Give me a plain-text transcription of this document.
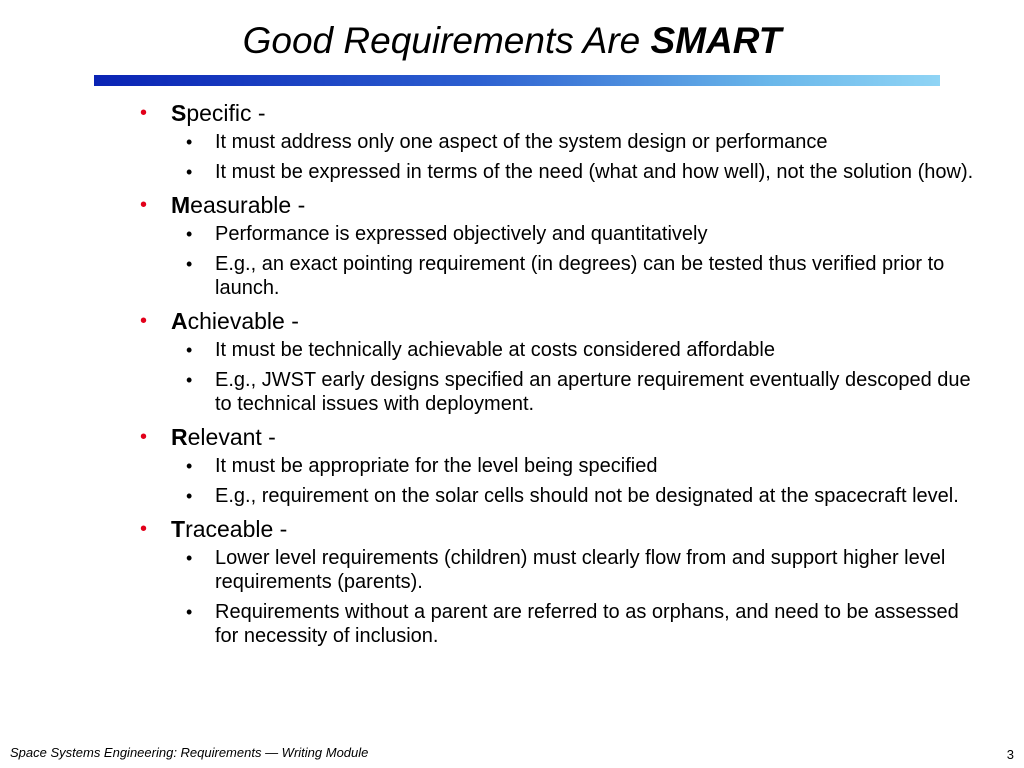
Good Requirements Are SMART
• Specific -
• It must address only one aspect of the system design or performance
• It must be expressed in terms of the need (what and how well), not the solution (how).
• Measurable -
• Performance is expressed objectively and quantitatively
• E.g., an exact pointing requirement (in degrees) can be tested thus verified prior to launch.
• Achievable -
• It must be technically achievable at costs considered affordable
• E.g., JWST early designs specified an aperture requirement eventually descoped due to technical issues with deployment.
• Relevant -
• It must be appropriate for the level being specified
• E.g., requirement on the solar cells should not be designated at the spacecraft level.
• Traceable -
• Lower level requirements (children) must clearly flow from and support higher level requirements (parents).
• Requirements without a parent are referred to as orphans, and need to be assessed for necessity of inclusion.
Space Systems Engineering: Requirements — Writing Module	3
